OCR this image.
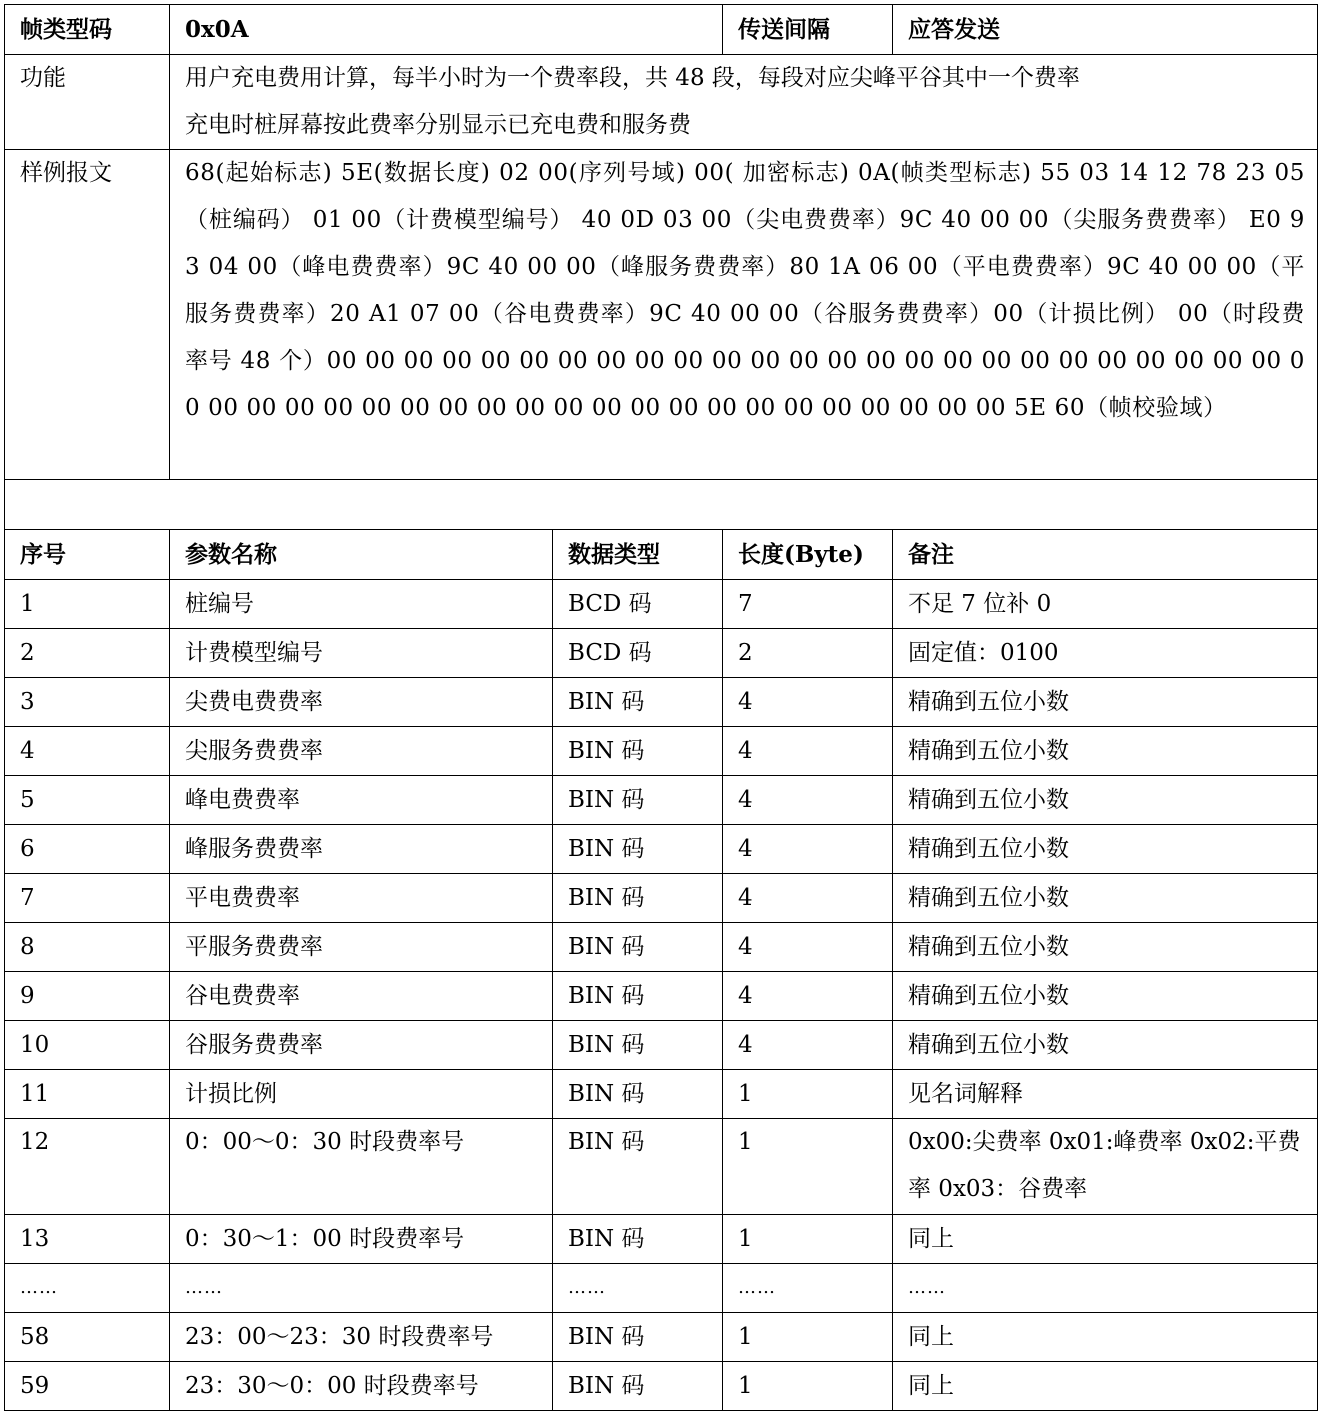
帧类型码	0x0A		传送间隔	应答发送
功能	用户充电费用计算，每半小时为一个费率段，共 48 段，每段对应尖峰平谷其中一个费率
充电时桩屏幕按此费率分别显示已充电费和服务费			

样例报文	68(起始标志) 5E(数据长度) 02 00(序列号域) 00( 加密标志) 0A(帧类型标志) 55 03 14 12 78 23 05（桩编码） 01 00（计费模型编号） 40 0D 03 00（尖电费费率）9C 40 00 00（尖服务费费率） E0 93 04 00（峰电费费率）9C 40 00 00（峰服务费费率）80 1A 06 00（平电费费率）9C 40 00 00（平服务费费率）20 A1 07 00（谷电费费率）9C 40 00 00（谷服务费费率）00（计损比例） 00（时段费率号 48 个）00 00 00 00 00 00 00 00 00 00 00 00 00 00 00 00 00 00 00 00 00 00 00 00 00 00 00 00 00 00 00 00 00 00 00 00 00 00 00 00 00 00 00 00 00 00 00 5E 60（帧校验域）			

序号	参数名称	数据类型	长度(Byte)	备注
1	桩编号	BCD 码	7	不足 7 位补 0
2	计费模型编号	BCD 码	2	固定值：0100
3	尖费电费费率	BIN 码	4	精确到五位小数
4	尖服务费费率	BIN 码	4	精确到五位小数
5	峰电费费率	BIN 码	4	精确到五位小数
6	峰服务费费率	BIN 码	4	精确到五位小数
7	平电费费率	BIN 码	4	精确到五位小数
8	平服务费费率	BIN 码	4	精确到五位小数
9	谷电费费率	BIN 码	4	精确到五位小数
10	谷服务费费率	BIN 码	4	精确到五位小数
11	计损比例	BIN 码	1	见名词解释
12	0：00～0：30 时段费率号	BIN 码	1	0x00:尖费率 0x01:峰费率 0x02:平费率 0x03：谷费率

13	0：30～1：00 时段费率号	BIN 码	1	同上
……	……	……	……	……
58	23：00～23：30 时段费率号	BIN 码	1	同上
59	23：30～0：00 时段费率号	BIN 码	1	同上
